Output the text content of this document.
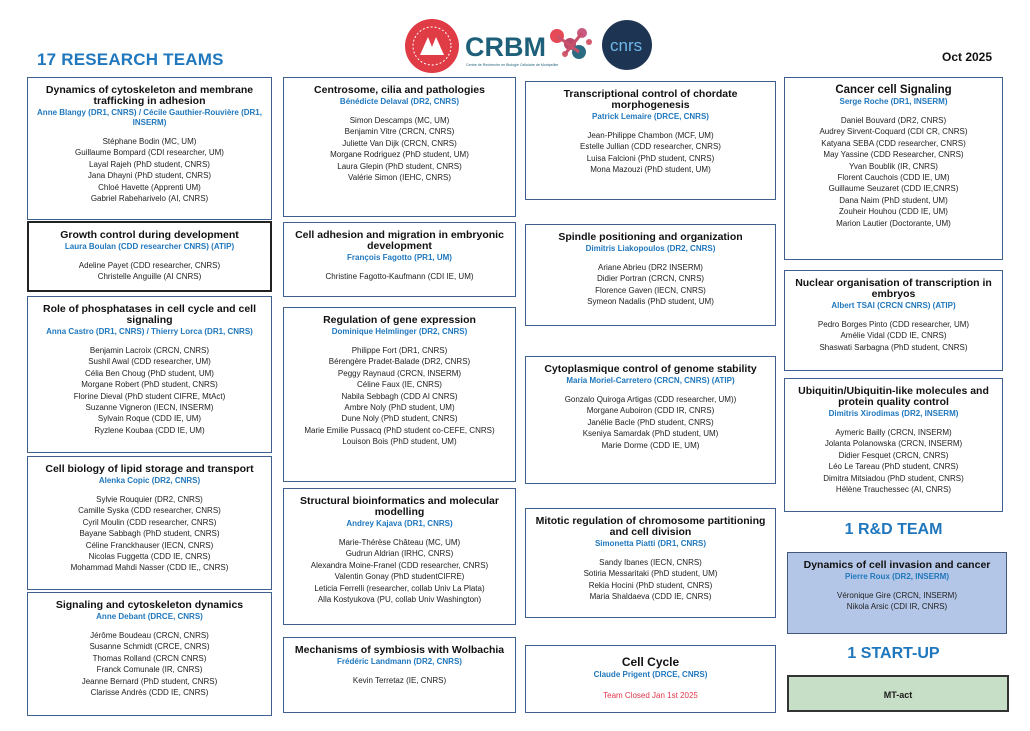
17 RESEARCH TEAMS	Oct 2025
CRBM
Centre de Recherche en Biologie Cellulaire de Montpellier
cnrs
Dynamics of cytoskeleton and membrane trafficking in adhesion
Anne Blangy (DR1, CNRS) / Cécile Gauthier-Rouvière (DR1, INSERM)
Stéphane Bodin (MC, UM)
Guillaume Bompard (CDI researcher, UM)
Layal Rajeh (PhD student, CNRS)
Jana Dhayni (PhD student, CNRS)
Chloé Havette (Apprenti UM)
Gabriel Rabeharivelo (AI, CNRS)
Growth control during development
Laura Boulan (CDD researcher CNRS) (ATIP)
Adeline Payet (CDD researcher, CNRS)
Christelle Anguille (AI CNRS)
Role of phosphatases in cell cycle and cell signaling
Anna Castro (DR1, CNRS) / Thierry Lorca (DR1, CNRS)
Benjamin Lacroix (CRCN, CNRS)
Sushil Awal (CDD researcher, UM)
Célia Ben Choug (PhD student, UM)
Morgane Robert (PhD student, CNRS)
Florine Dieval (PhD student CIFRE, MtAct)
Suzanne Vigneron (IECN, INSERM)
Sylvain Roque (CDD IE, UM)
Ryzlene Koubaa (CDD IE, UM)
Cell biology of lipid storage and transport
Alenka Copic (DR2, CNRS)
Sylvie Rouquier (DR2, CNRS)
Camille Syska (CDD researcher, CNRS)
Cyril Moulin (CDD researcher, CNRS)
Bayane Sabbagh (PhD student, CNRS)
Céline Franckhauser (IECN, CNRS)
Nicolas Fuggetta (CDD IE, CNRS)
Mohammad Mahdi Nasser (CDD IE,, CNRS)
Signaling and cytoskeleton dynamics
Anne Debant (DRCE, CNRS)
Jérôme Boudeau (CRCN, CNRS)
Susanne Schmidt (CRCE, CNRS)
Thomas Rolland (CRCN CNRS)
Franck Comunale (IR, CNRS)
Jeanne Bernard (PhD student, CNRS)
Clarisse Andrès (CDD IE, CNRS)
Centrosome, cilia and pathologies
Bénédicte Delaval (DR2, CNRS)
Simon Descamps (MC, UM)
Benjamin Vitre (CRCN, CNRS)
Juliette Van Dijk (CRCN, CNRS)
Morgane Rodriguez (PhD student, UM)
Laura Glepin (PhD student, CNRS)
Valérie Simon (IEHC, CNRS)
Cell adhesion and migration in embryonic development
François Fagotto (PR1, UM)
Christine Fagotto-Kaufmann (CDI IE, UM)
Regulation of gene expression
Dominique Helmlinger (DR2, CNRS)
Philippe Fort (DR1, CNRS)
Bérengère Pradet-Balade (DR2, CNRS)
Peggy Raynaud (CRCN, INSERM)
Céline Faux (IE, CNRS)
Nabila Sebbagh (CDD AI CNRS)
Ambre Noly (PhD student, UM)
Dune Noly (PhD student, CNRS)
Marie Emilie Pussacq (PhD student co-CEFE, CNRS)
Louison Bois (PhD student, UM)
Structural bioinformatics and molecular modelling
Andrey Kajava (DR1, CNRS)
Marie-Thérèse Château (MC, UM)
Gudrun Aldrian (IRHC, CNRS)
Alexandra Moine-Franel (CDD researcher, CNRS)
Valentin Gonay (PhD studentCIFRE)
Leticia Ferrelli (researcher, collab Univ La Plata)
Alla Kostyukova (PU, collab Univ Washington)
Mechanisms of symbiosis with Wolbachia
Frédéric Landmann (DR2, CNRS)
Kevin Terretaz (IE, CNRS)
Transcriptional control of chordate morphogenesis
Patrick Lemaire (DRCE, CNRS)
Jean-Philippe Chambon (MCF, UM)
Estelle Jullian (CDD researcher, CNRS)
Luisa Falcioni (PhD student, CNRS)
Mona Mazouzi (PhD student, UM)
Spindle positioning and organization
Dimitris Liakopoulos (DR2, CNRS)
Ariane Abrieu (DR2 INSERM)
Didier Portran (CRCN, CNRS)
Florence Gaven (IECN, CNRS)
Symeon Nadalis (PhD student, UM)
Cytoplasmique control of genome stability
Maria Moriel-Carretero (CRCN, CNRS) (ATIP)
Gonzalo Quiroga Artigas (CDD researcher, UM))
Morgane Auboiron (CDD IR, CNRS)
Janélie Bacle (PhD student, CNRS)
Kseniya Samardak (PhD student, UM)
Marie Dorme (CDD IE, UM)
Mitotic regulation of chromosome partitioning and cell division
Simonetta Piatti (DR1, CNRS)
Sandy Ibanes (IECN, CNRS)
Sotiria Messaritaki (PhD student, UM)
Rekia Hocini (PhD student, CNRS)
Maria Shaldaeva (CDD IE, CNRS)
Cell Cycle
Claude Prigent (DRCE, CNRS)
Team Closed Jan 1st 2025
Cancer cell Signaling
Serge Roche (DR1, INSERM)
Daniel Bouvard (DR2, CNRS)
Audrey Sirvent-Coquard (CDI CR, CNRS)
Katyana SEBA (CDD researcher, CNRS)
May Yassine (CDD Researcher, CNRS)
Yvan Boublik (IR, CNRS)
Florent Cauchois (CDD IE, UM)
Guillaume Seuzaret (CDD IE,CNRS)
Dana Naim (PhD student, UM)
Zouheir Houhou (CDD IE, UM)
Marion Lautier (Doctorante, UM)
Nuclear organisation of transcription in embryos
Albert TSAI (CRCN CNRS) (ATIP)
Pedro Borges Pinto (CDD researcher, UM)
Amélie Vidal (CDD IE, CNRS)
Shaswati Sarbagna (PhD student, CNRS)
Ubiquitin/Ubiquitin-like molecules and protein quality control
Dimitris Xirodimas (DR2, INSERM)
Aymeric Bailly (CRCN, INSERM)
Jolanta Polanowska (CRCN, INSERM)
Didier Fesquet (CRCN, CNRS)
Léo Le Tareau (PhD student, CNRS)
Dimitra Mitsiadou (PhD student, CNRS)
Hélène Trauchessec (AI, CNRS)
1 R&D TEAM
Dynamics of cell invasion and cancer
Pierre Roux (DR2, INSERM)
Véronique Gire (CRCN, INSERM)
Nikola Arsic (CDI IR, CNRS)
1 START-UP
MT-act
